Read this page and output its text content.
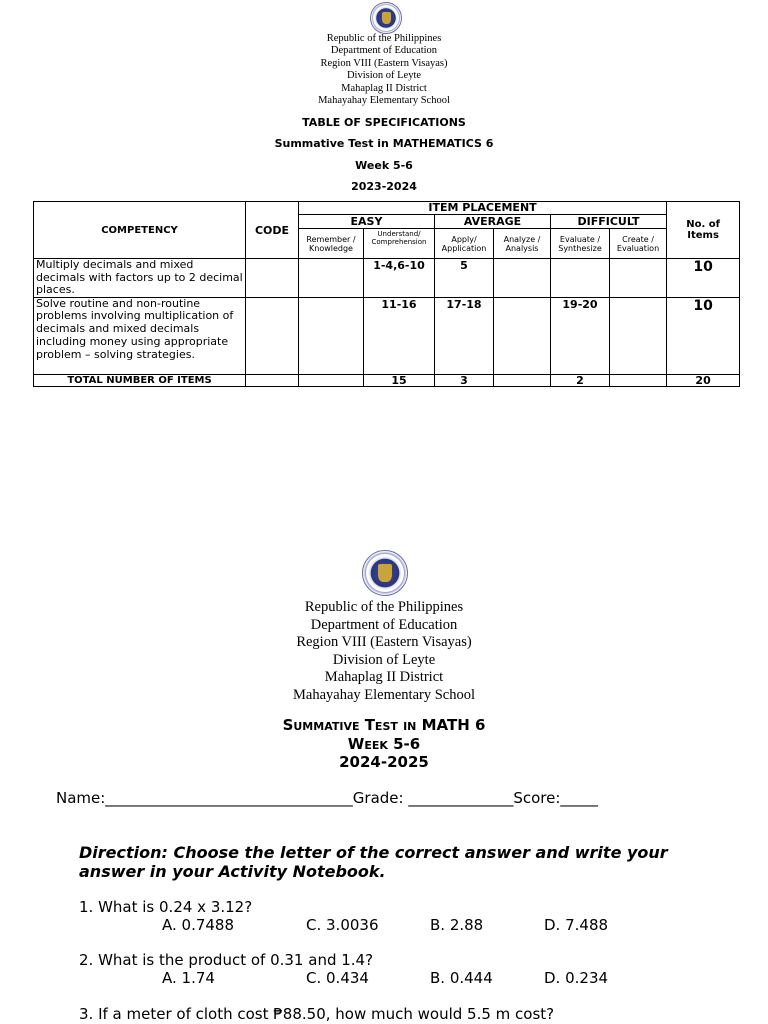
Republic of the Philippines
Department of Education
Region VIII (Eastern Visayas)
Division of Leyte
Mahaplag II District
Mahayahay Elementary School
TABLE OF SPECIFICATIONS
Summative Test in MATHEMATICS 6
Week 5-6
2023-2024
COMPETENCY	CODE	ITEM PLACEMENT						No. of Items
		EASY		AVERAGE		DIFFICULT		
		Remember / Knowledge	Understand/ Comprehension	Apply/ Application	Analyze / Analysis	Evaluate / Synthesize	Create / Evaluation	
Multiply decimals and mixed decimals with factors up to 2 decimal places.			1-4,6-10	5				10
Solve routine and non-routine problems involving multiplication of decimals and mixed decimals including money using appropriate problem – solving strategies.			11-16	17-18		19-20		10
TOTAL NUMBER OF ITEMS			15	3		2		20
Republic of the Philippines
Department of Education
Region VIII (Eastern Visayas)
Division of Leyte
Mahaplag II District
Mahayahay Elementary School
Summative Test in MATH 6
Week 5-6
2024-2025
Name:_________________________________Grade: ______________Score:_____
Direction: Choose the letter of the correct answer and write your answer in your Activity Notebook.
1. What is 0.24 x 3.12?
A. 0.7488	C. 3.0036	B. 2.88	D. 7.488
2. What is the product of 0.31 and 1.4?
A. 1.74	C. 0.434	B. 0.444	D. 0.234
3. If a meter of cloth cost ₱88.50, how much would 5.5 m cost?
